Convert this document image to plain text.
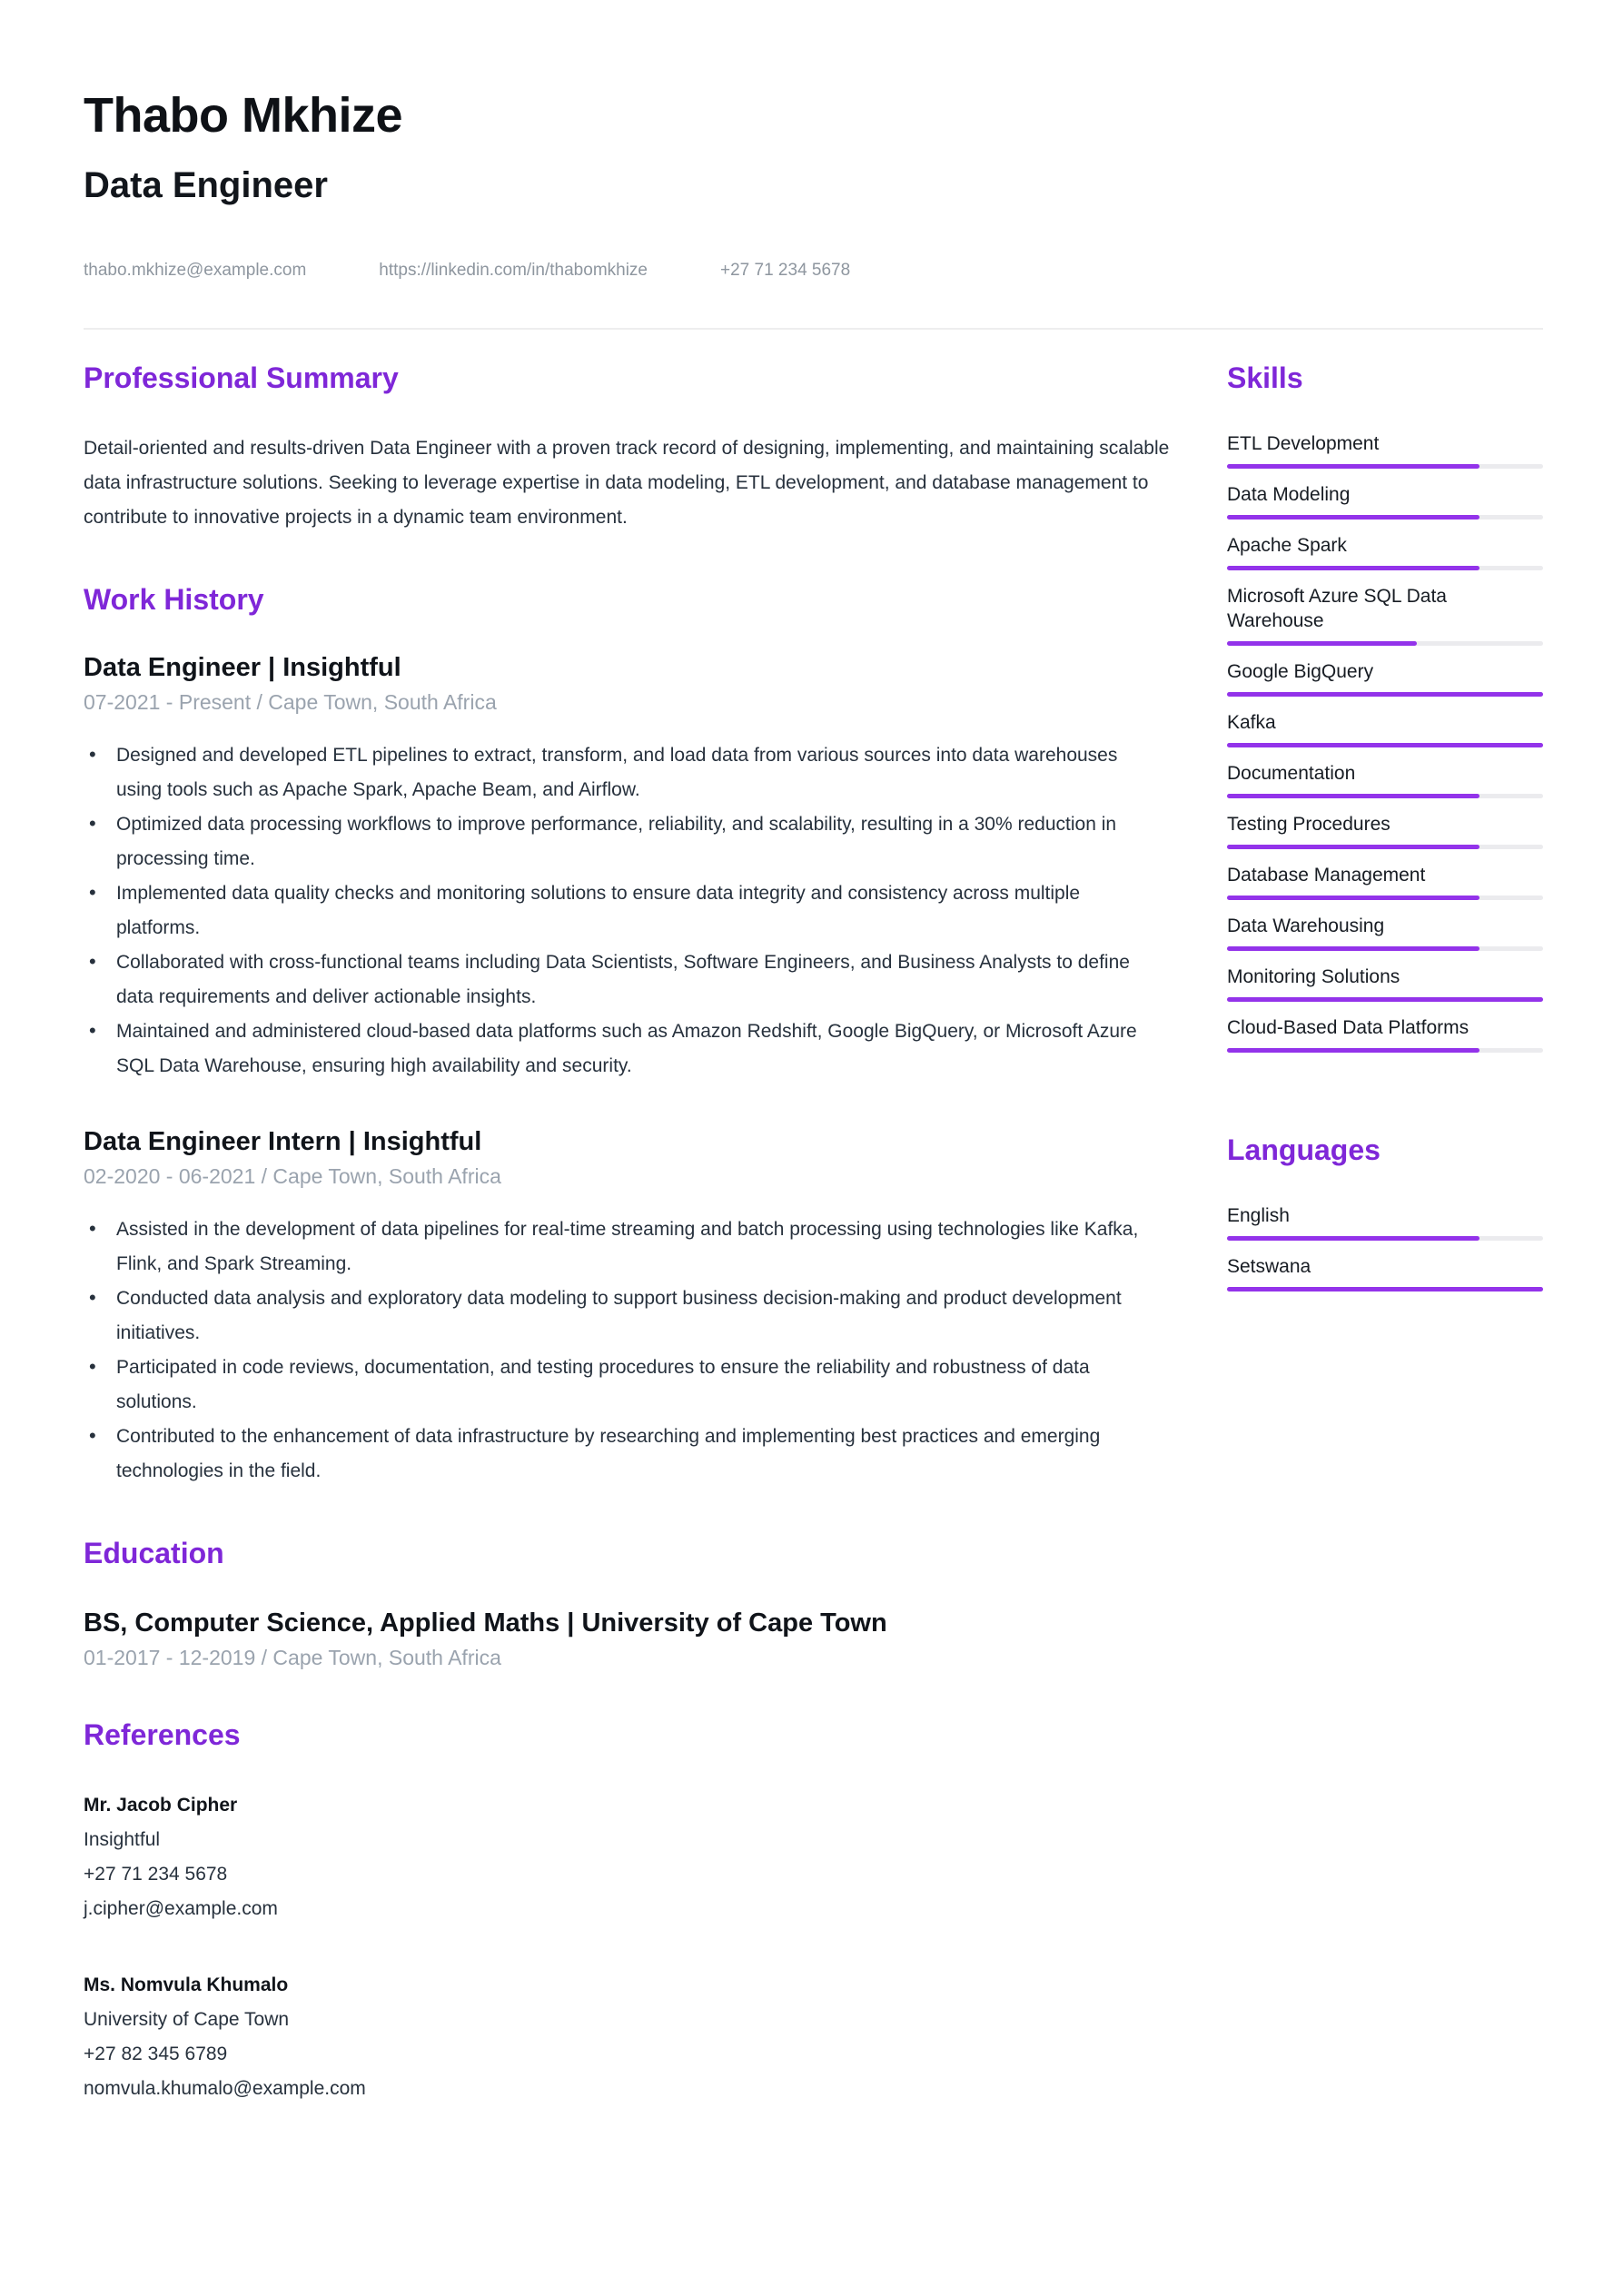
Thabo Mkhize
Data Engineer
thabo.mkhize@example.com	https://linkedin.com/in/thabomkhize	+27 71 234 5678
Professional Summary

Detail-oriented and results-driven Data Engineer with a proven track record of designing, implementing, and maintaining scalable data infrastructure solutions. Seeking to leverage expertise in data modeling, ETL development, and database management to contribute to innovative projects in a dynamic team environment.

Work History
Data Engineer | Insightful
07-2021 - Present / Cape Town, South Africa
• Designed and developed ETL pipelines to extract, transform, and load data from various sources into data warehouses using tools such as Apache Spark, Apache Beam, and Airflow.
• Optimized data processing workflows to improve performance, reliability, and scalability, resulting in a 30% reduction in processing time.
• Implemented data quality checks and monitoring solutions to ensure data integrity and consistency across multiple platforms.
• Collaborated with cross-functional teams including Data Scientists, Software Engineers, and Business Analysts to define data requirements and deliver actionable insights.
• Maintained and administered cloud-based data platforms such as Amazon Redshift, Google BigQuery, or Microsoft Azure SQL Data Warehouse, ensuring high availability and security.
Data Engineer Intern | Insightful
02-2020 - 06-2021 / Cape Town, South Africa
• Assisted in the development of data pipelines for real-time streaming and batch processing using technologies like Kafka, Flink, and Spark Streaming.
• Conducted data analysis and exploratory data modeling to support business decision-making and product development initiatives.
• Participated in code reviews, documentation, and testing procedures to ensure the reliability and robustness of data solutions.
• Contributed to the enhancement of data infrastructure by researching and implementing best practices and emerging technologies in the field.
Education
BS, Computer Science, Applied Maths | University of Cape Town
01-2017 - 12-2019 / Cape Town, South Africa
References
Mr. Jacob Cipher
Insightful
+27 71 234 5678
j.cipher@example.com
Ms. Nomvula Khumalo
University of Cape Town
+27 82 345 6789
nomvula.khumalo@example.com
Skills
ETL Development
Data Modeling
Apache Spark
Microsoft Azure SQL Data Warehouse
Google BigQuery
Kafka
Documentation
Testing Procedures
Database Management
Data Warehousing
Monitoring Solutions
Cloud-Based Data Platforms
Languages
English
Setswana
